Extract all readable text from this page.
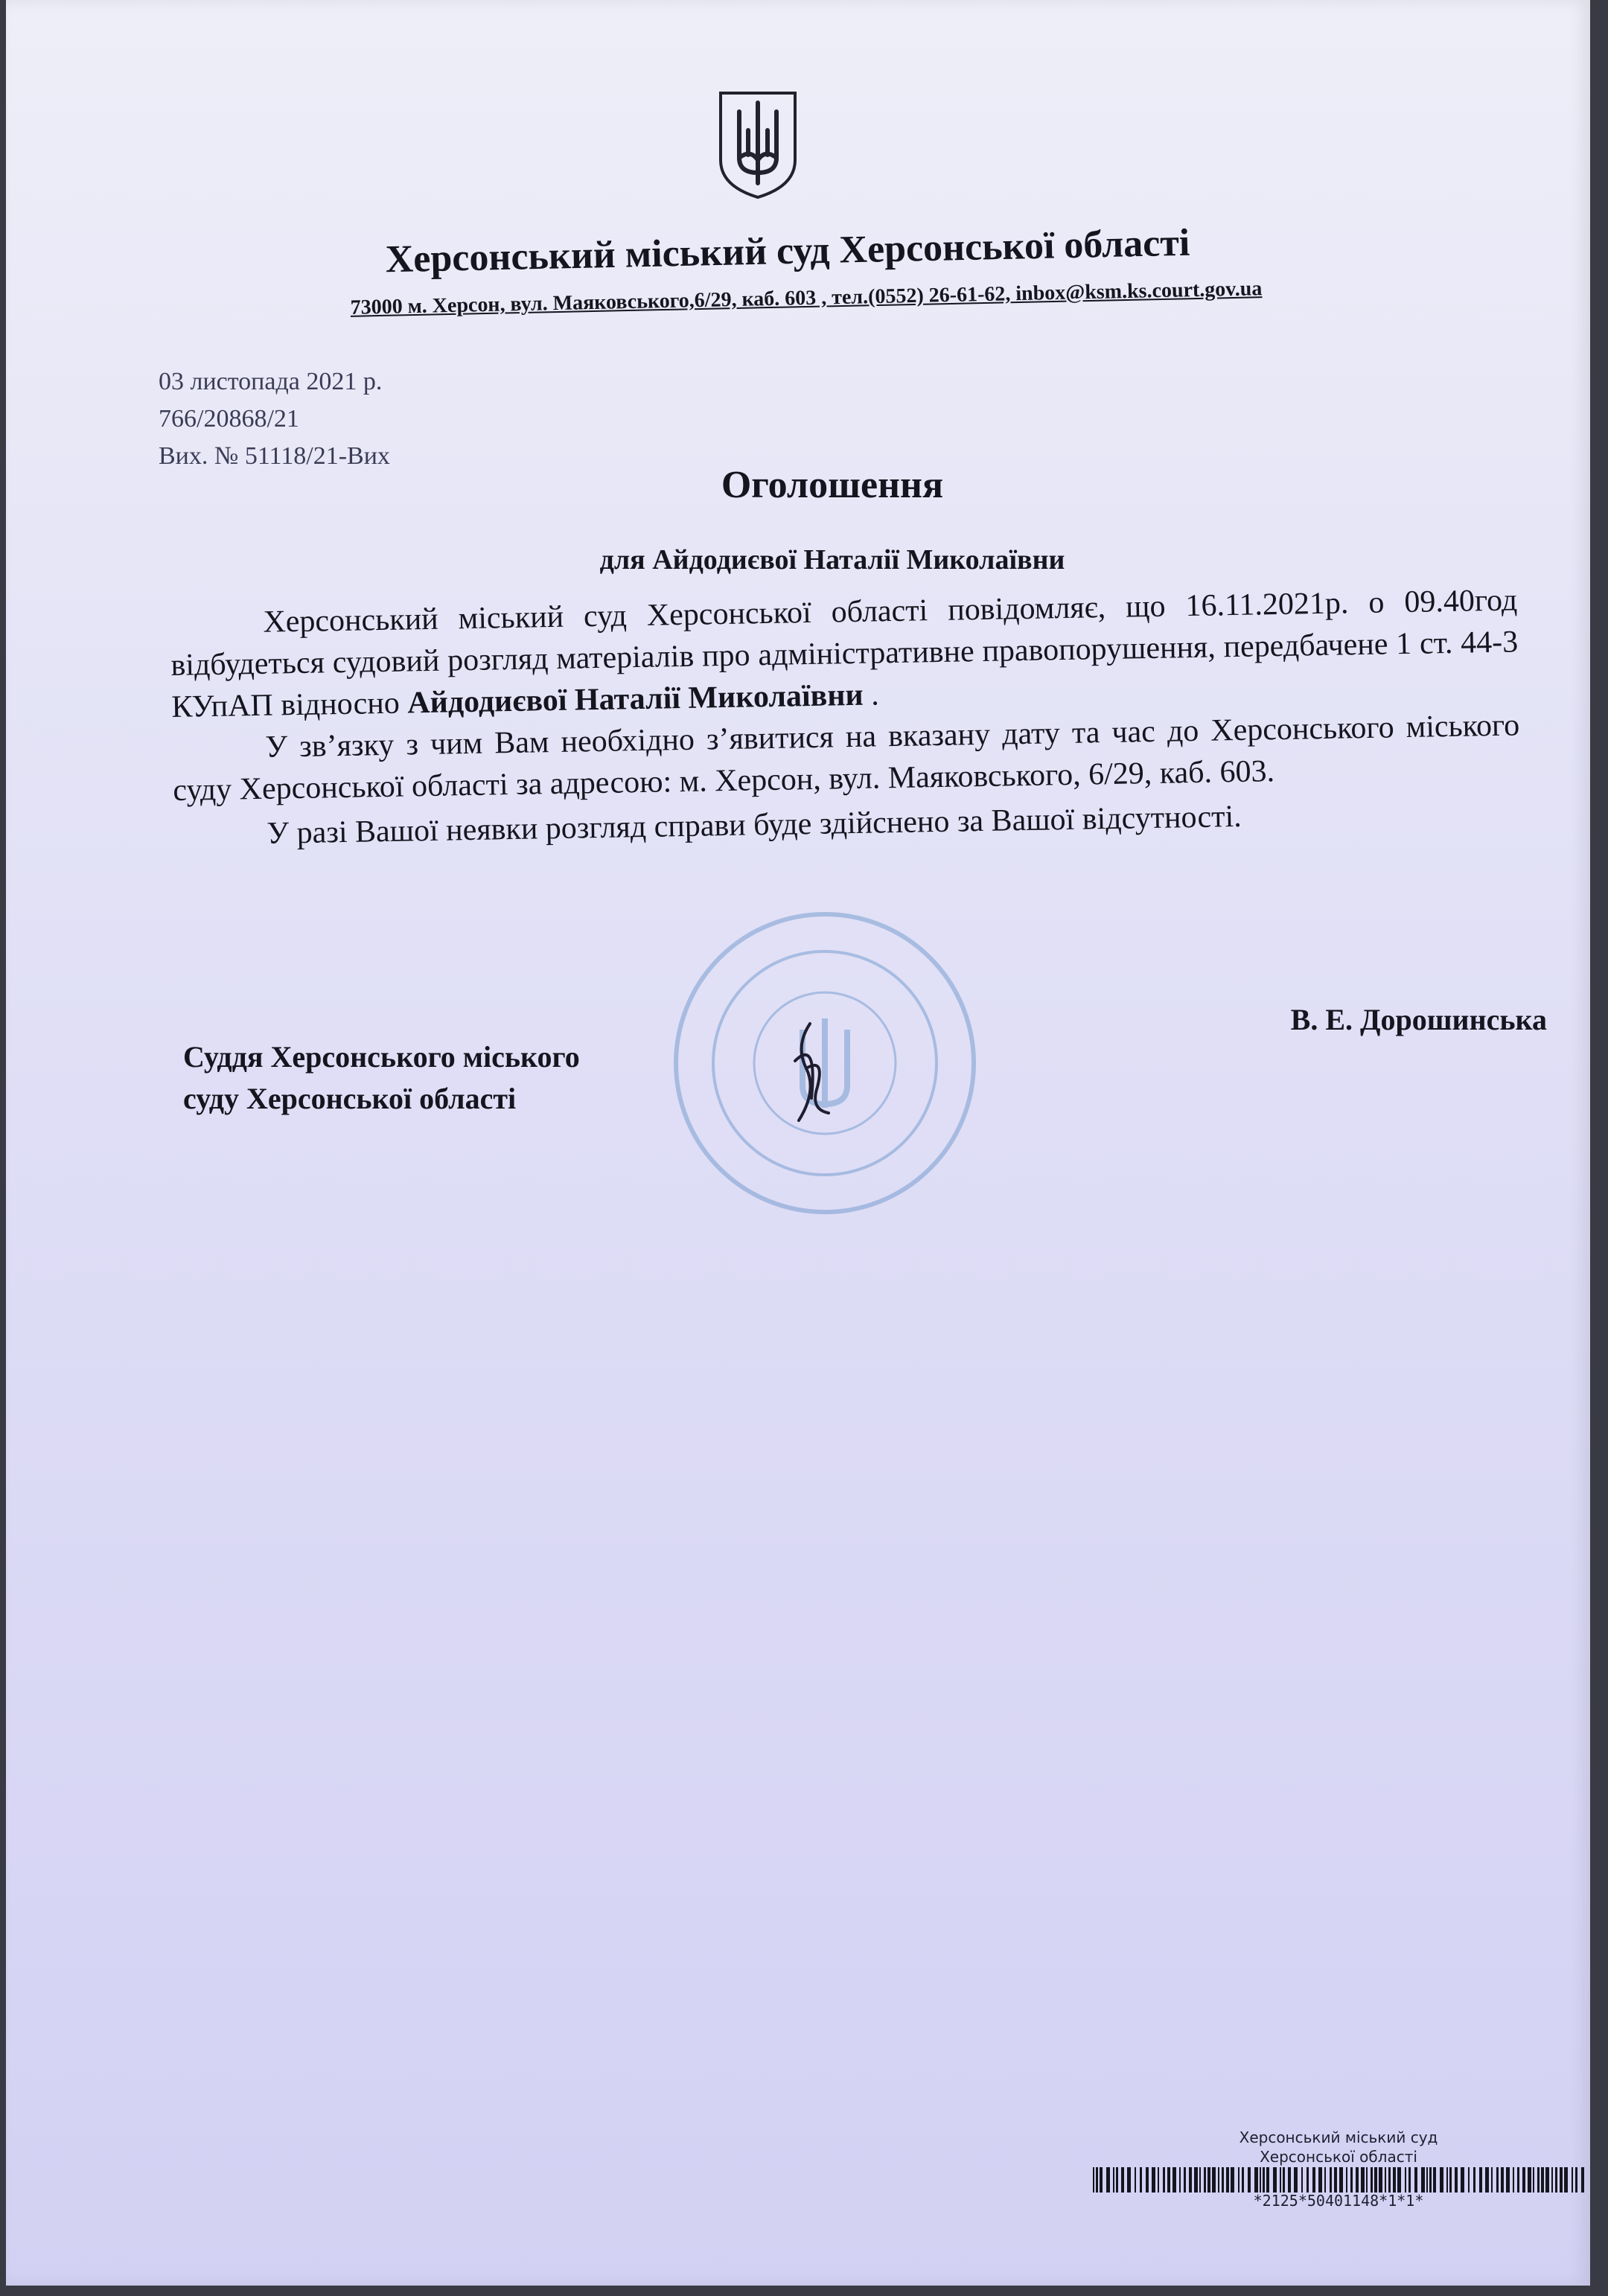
Херсонський міський суд Херсонської області
73000 м. Херсон, вул. Маяковського,6/29, каб. 603 , тел.(0552) 26-61-62, inbox@ksm.ks.court.gov.ua
03 листопада 2021 р.
766/20868/21
Вих. № 51118/21-Вих
Оголошення
для Айдодиєвої Наталії Миколаївни

Херсонський міський суд Херсонської області повідомляє, що 16.11.2021р. о 09.40год відбудеться судовий розгляд матеріалів про адміністративне правопорушення, передбачене 1 ст. 44-3 КУпАП відносно Айдодиєвої Наталії Миколаївни .

У зв’язку з чим Вам необхідно з’явитися на вказану дату та час до Херсонського міського суду Херсонської області за адресою: м. Херсон, вул. Маяковського, 6/29, каб. 603.

У разі Вашої неявки розгляд справи буде здійснено за Вашої відсутності.

В. Е. Дорошинська
Суддя Херсонського міського
суду Херсонської області
Херсонський міський суд
Херсонської області
*2125*50401148*1*1*
